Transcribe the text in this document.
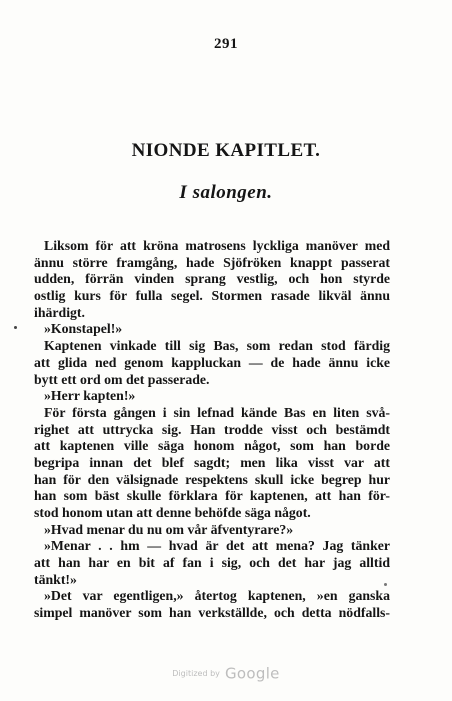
291
NIONDE KAPITLET.
I salongen.
Liksom för att kröna matrosens lyckliga manöver med
ännu större framgång, hade Sjöfröken knappt passerat
udden, förrän vinden sprang vestlig, och hon styrde
ostlig kurs för fulla segel. Stormen rasade likväl ännu
ihärdigt.
»Konstapel!»
Kaptenen vinkade till sig Bas, som redan stod färdig
att glida ned genom kappluckan — de hade ännu icke
bytt ett ord om det passerade.
»Herr kapten!»
För första gången i sin lefnad kände Bas en liten svå-
righet att uttrycka sig. Han trodde visst och bestämdt
att kaptenen ville säga honom något, som han borde
begripa innan det blef sagdt; men lika visst var att
han för den välsignade respektens skull icke begrep hur
han som bäst skulle förklara för kaptenen, att han för-
stod honom utan att denne behöfde säga något.
»Hvad menar du nu om vår äfventyrare?»
»Menar . . hm — hvad är det att mena? Jag tänker
att han har en bit af fan i sig, och det har jag alltid
tänkt!»
»Det var egentligen,» återtog kaptenen, »en ganska
simpel manöver som han verkställde, och detta nödfalls-
Digitized by Google
